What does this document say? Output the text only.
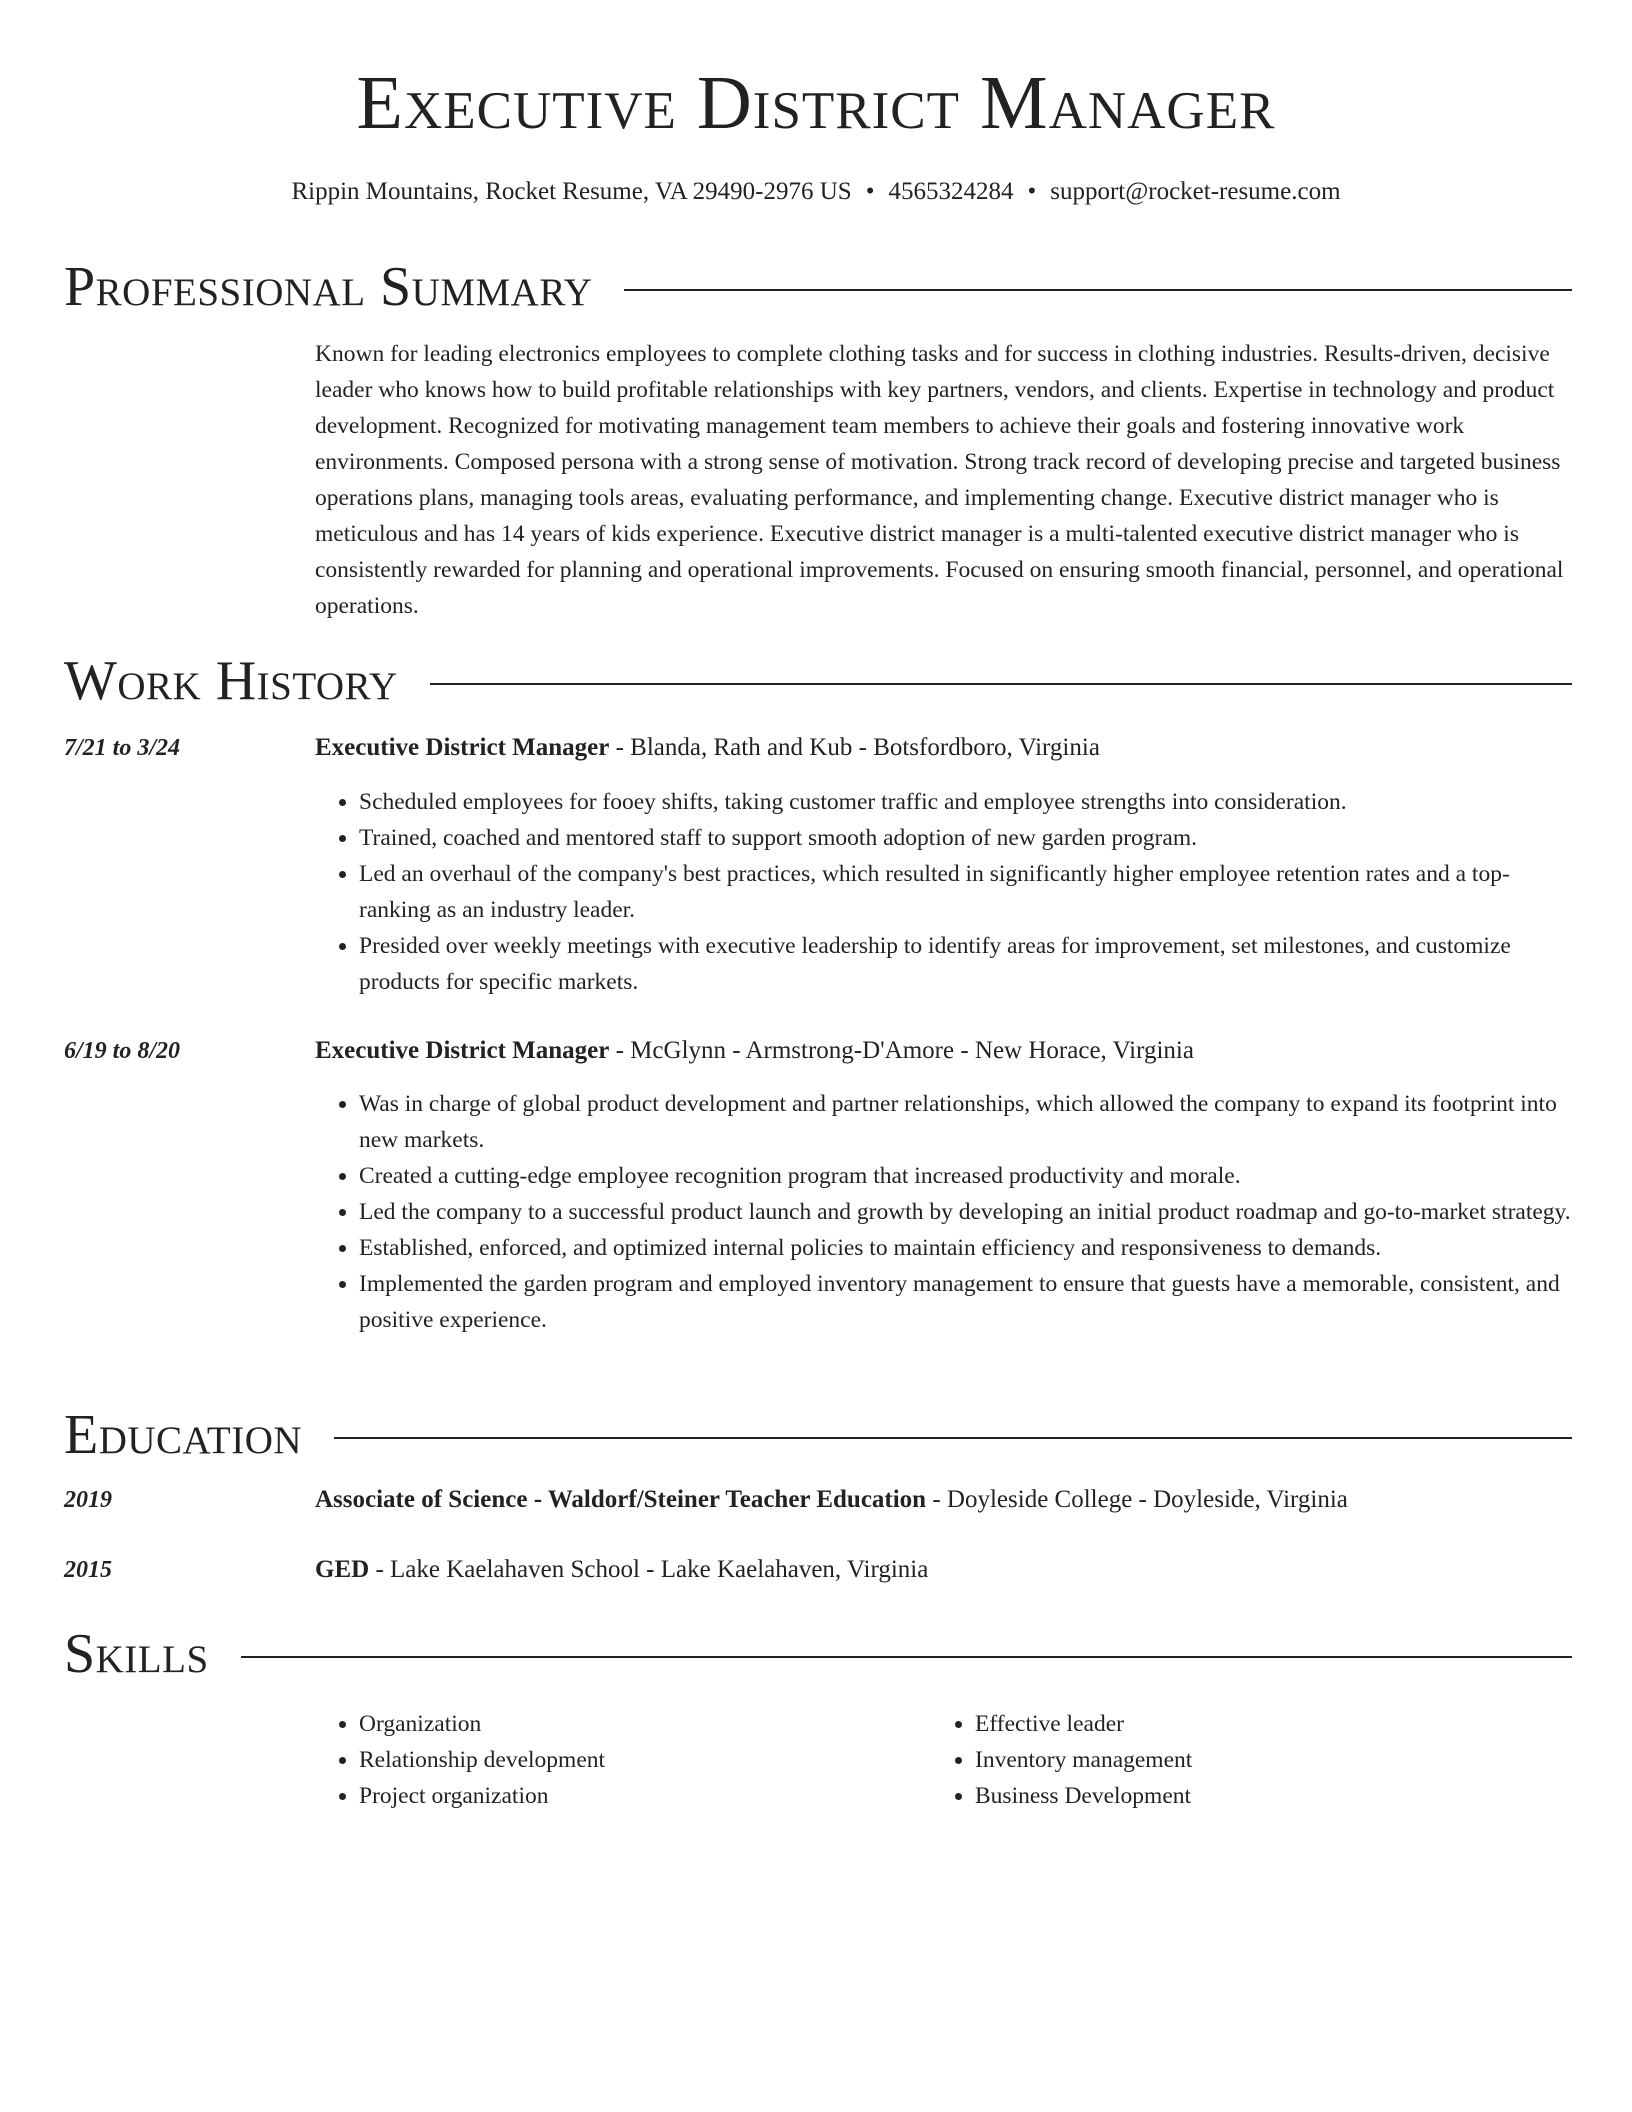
Executive District Manager
Rippin Mountains, Rocket Resume, VA 29490-2976 US • 4565324284 • support@rocket-resume.com
Professional Summary

Known for leading electronics employees to complete clothing tasks and for success in clothing industries. Results-driven, decisive leader who knows how to build profitable relationships with key partners, vendors, and clients. Expertise in technology and product development. Recognized for motivating management team members to achieve their goals and fostering innovative work environments. Composed persona with a strong sense of motivation. Strong track record of developing precise and targeted business operations plans, managing tools areas, evaluating performance, and implementing change. Executive district manager who is meticulous and has 14 years of kids experience. Executive district manager is a multi-talented executive district manager who is consistently rewarded for planning and operational improvements. Focused on ensuring smooth financial, personnel, and operational operations.

Work History
7/21 to 3/24	Executive District Manager - Blanda, Rath and Kub - Botsfordboro, Virginia
• Scheduled employees for fooey shifts, taking customer traffic and employee strengths into consideration.
• Trained, coached and mentored staff to support smooth adoption of new garden program.
• Led an overhaul of the company's best practices, which resulted in significantly higher employee retention rates and a top-ranking as an industry leader.
• Presided over weekly meetings with executive leadership to identify areas for improvement, set milestones, and customize products for specific markets.
6/19 to 8/20	Executive District Manager - McGlynn - Armstrong-D'Amore - New Horace, Virginia
• Was in charge of global product development and partner relationships, which allowed the company to expand its footprint into new markets.
• Created a cutting-edge employee recognition program that increased productivity and morale.
• Led the company to a successful product launch and growth by developing an initial product roadmap and go-to-market strategy.
• Established, enforced, and optimized internal policies to maintain efficiency and responsiveness to demands.
• Implemented the garden program and employed inventory management to ensure that guests have a memorable, consistent, and positive experience.
Education
2019	Associate of Science - Waldorf/Steiner Teacher Education - Doyleside College - Doyleside, Virginia
2015	GED - Lake Kaelahaven School - Lake Kaelahaven, Virginia
Skills
• Organization
• Relationship development
• Project organization
• Effective leader
• Inventory management
• Business Development
